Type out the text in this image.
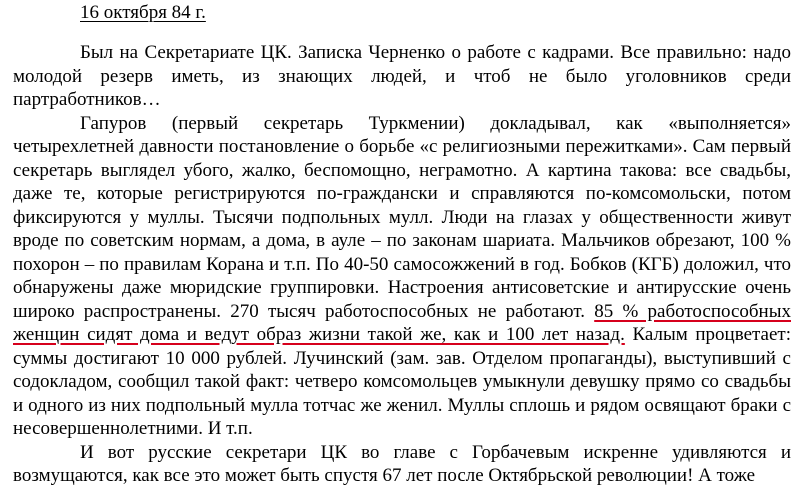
16 октября 84 г.

Был на Секретариате ЦК. Записка Черненко о работе с кадрами. Все правильно: надо молодой резерв иметь, из знающих людей, и чтоб не было уголовников среди партработников…

Гапуров (первый секретарь Туркмении) докладывал, как «выполняется» четырехлетней давности постановление о борьбе «с религиозными пережитками». Сам первый секретарь выглядел убого, жалко, беспомощно, неграмотно. А картина такова: все свадьбы, даже те, которые регистрируются по-граждански и справляются по-комсомольски, потом фиксируются у муллы. Тысячи подпольных мулл. Люди на глазах у общественности живут вроде по советским нормам, а дома, в ауле – по законам шариата. Мальчиков обрезают, 100 % похорон – по правилам Корана и т.п. По 40-50 самосожжений в год. Бобков (КГБ) доложил, что обнаружены даже мюридские группировки. Настроения антисоветские и антирусские очень широко распространены. 270 тысяч работоспособных не работают. 85 % работоспособных женщин сидят дома и ведут образ жизни такой же, как и 100 лет назад. Калым процветает: суммы достигают 10 000 рублей. Лучинский (зам. зав. Отделом пропаганды), выступивший с содокладом, сообщил такой факт: четверо комсомольцев умыкнули девушку прямо со свадьбы и одного из них подпольный мулла тотчас же женил. Муллы сплошь и рядом освящают браки с несовершеннолетними. И т.п.

И вот русские секретари ЦК во главе с Горбачевым искренне удивляются и возмущаются, как все это может быть спустя 67 лет после Октябрьской революции! А тоже
